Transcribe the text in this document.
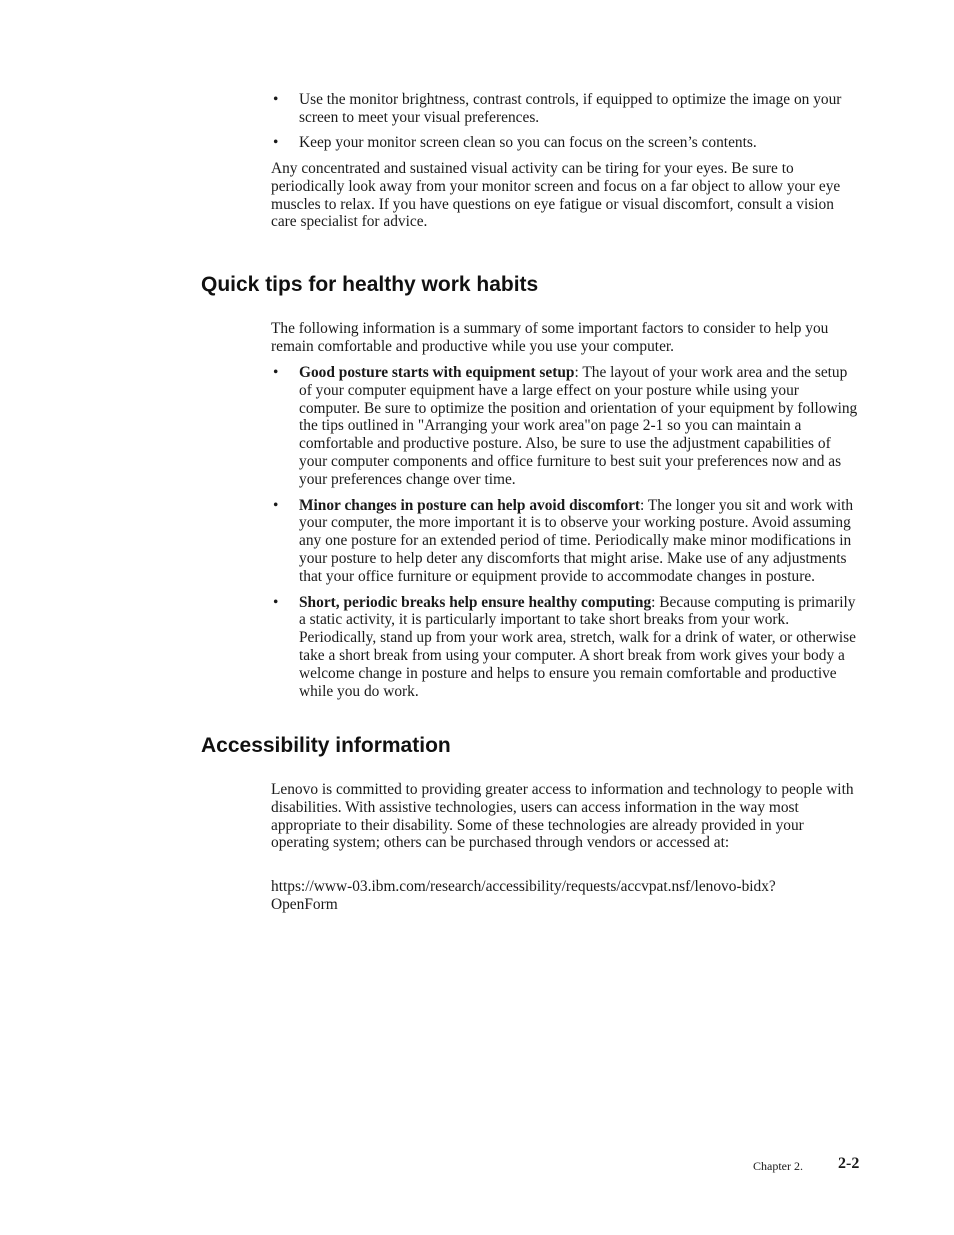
• Use the monitor brightness, contrast controls, if equipped to optimize the image on your screen to meet your visual preferences.
• Keep your monitor screen clean so you can focus on the screen’s contents.

Any concentrated and sustained visual activity can be tiring for your eyes. Be sure to periodically look away from your monitor screen and focus on a far object to allow your eye muscles to relax. If you have questions on eye fatigue or visual discomfort, consult a vision care specialist for advice.

Quick tips for healthy work habits

The following information is a summary of some important factors to consider to help you remain comfortable and productive while you use your computer.

• Good posture starts with equipment setup: The layout of your work area and the setup of your computer equipment have a large effect on your posture while using your computer. Be sure to optimize the position and orientation of your equipment by following the tips outlined in "Arranging your work area"on page 2-1 so you can maintain a comfortable and productive posture. Also, be sure to use the adjustment capabilities of your computer components and office furniture to best suit your preferences now and as your preferences change over time.
• Minor changes in posture can help avoid discomfort: The longer you sit and work with your computer, the more important it is to observe your working posture. Avoid assuming any one posture for an extended period of time. Periodically make minor modifications in your posture to help deter any discomforts that might arise. Make use of any adjustments that your office furniture or equipment provide to accommodate changes in posture.
• Short, periodic breaks help ensure healthy computing: Because computing is primarily a static activity, it is particularly important to take short breaks from your work. Periodically, stand up from your work area, stretch, walk for a drink of water, or otherwise take a short break from using your computer. A short break from work gives your body a welcome change in posture and helps to ensure you remain comfortable and productive while you do work.
Accessibility information

Lenovo is committed to providing greater access to information and technology to people with disabilities. With assistive technologies, users can access information in the way most appropriate to their disability. Some of these technologies are already provided in your operating system; others can be purchased through vendors or accessed at:

https://www-03.ibm.com/research/accessibility/requests/accvpat.nsf/lenovo-bidx?OpenForm

Chapter 2. 2-2
